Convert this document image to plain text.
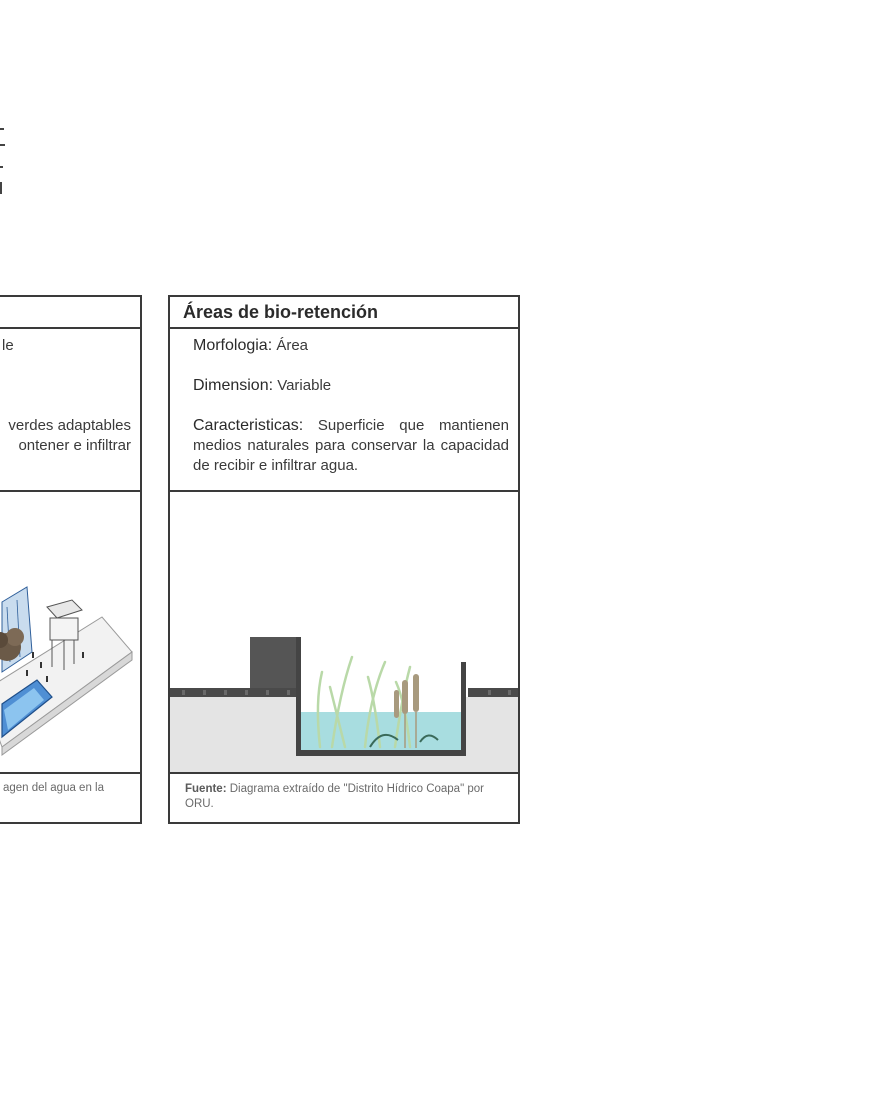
le
verdes adaptables
ontener e infiltrar
agen del agua en la
Áreas de bio-retención
Morfologia: Área
Dimension: Variable
Caracteristicas: Superficie que mantienen medios naturales para conservar la capacidad de recibir e infiltrar agua.
Fuente: Diagrama extraído de "Distrito Hídrico Coapa" por ORU.
